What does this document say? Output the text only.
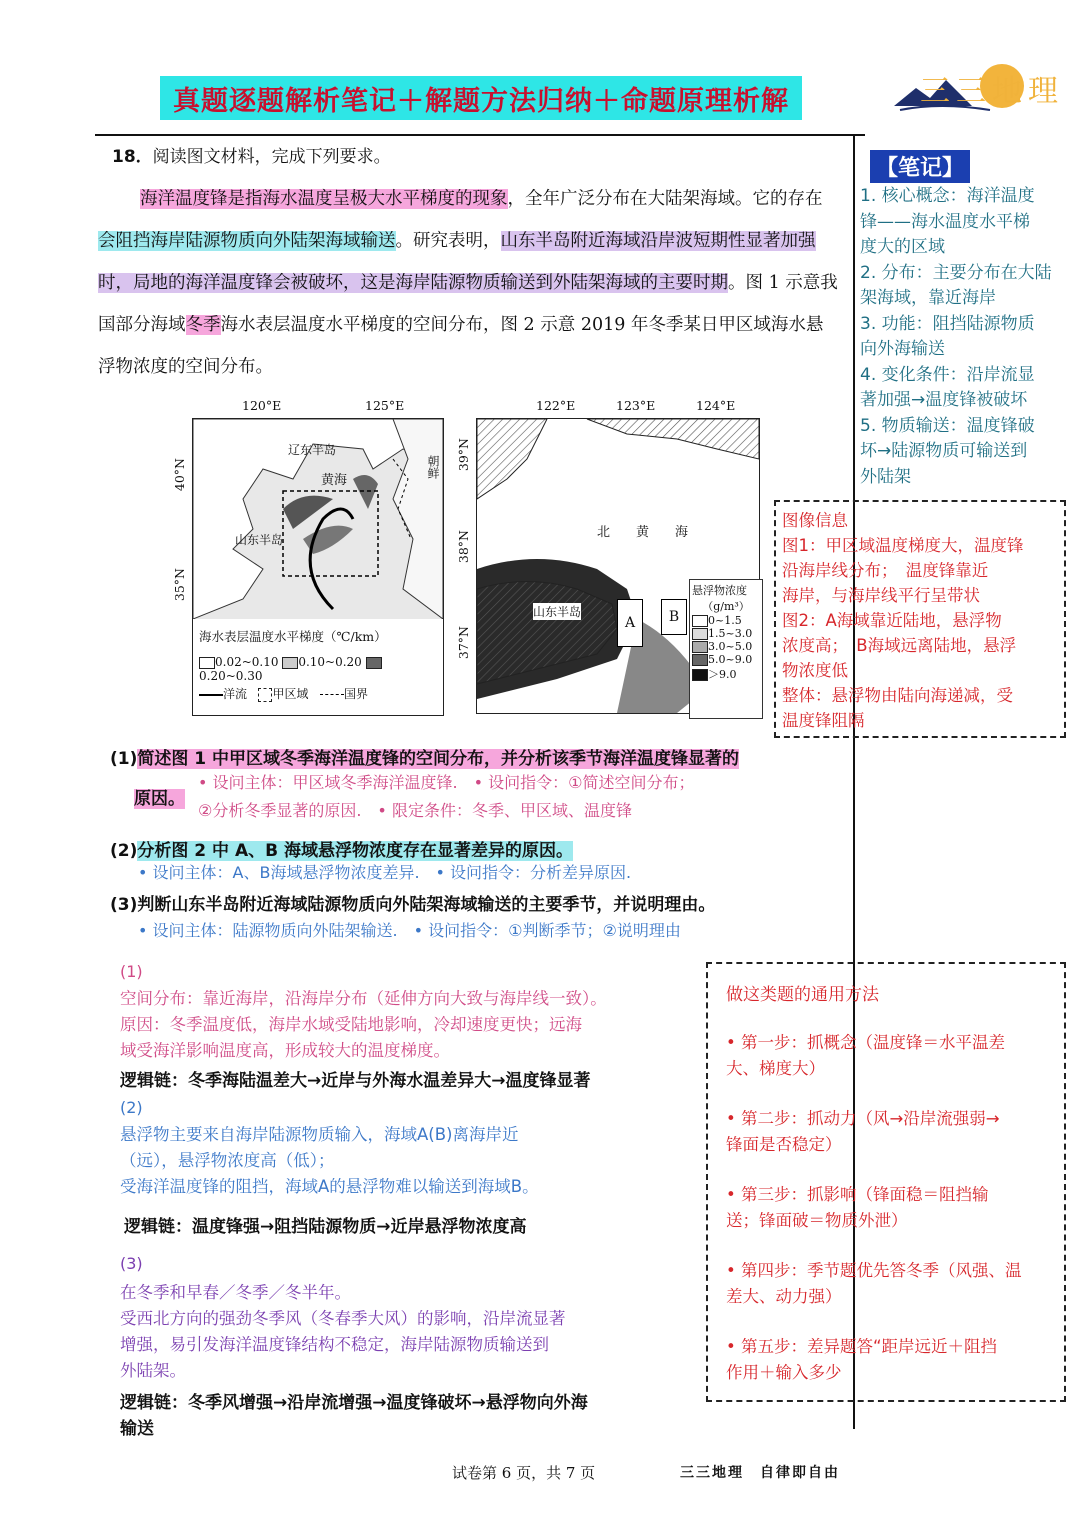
真题逐题解析笔记＋解题方法归纳＋命题原理析解	三三地理
18．阅读图文材料，完成下列要求。
海洋温度锋是指海水温度呈极大水平梯度的现象，全年广泛分布在大陆架海域。它的存在会阻挡海岸陆源物质向外陆架海域输送。研究表明，山东半岛附近海域沿岸波短期性显著加强时，局地的海洋温度锋会被破坏，这是海岸陆源物质输送到外陆架海域的主要时期。图 1 示意我国部分海域冬季海水表层温度水平梯度的空间分布，图 2 示意 2019 年冬季某日甲区域海水悬浮物浓度的空间分布。
120°E	125°E
辽东半岛
黄海
山东半岛
朝鲜
海水表层温度水平梯度（℃/km）
0.02~0.10 0.10~0.20 0.20~0.30
洋流 甲区域	国界
40°N
35°N
122°E	123°E	124°E
北　　黄　　海
山东半岛
A	B
悬浮物浓度
（g/m³）
0~1.5
1.5~3.0
3.0~5.0
5.0~9.0
＞9.0
39°N
38°N
37°N
(1)简述图 1 中甲区域冬季海洋温度锋的空间分布，并分析该季节海洋温度锋显著的
原因。
• 设问主体：甲区域冬季海洋温度锋.　• 设问指令：①简述空间分布；
②分析冬季显著的原因.　• 限定条件：冬季、甲区域、温度锋
(2)分析图 2 中 A、B 海域悬浮物浓度存在显著差异的原因。
• 设问主体：A、B海域悬浮物浓度差异.　• 设问指令：分析差异原因.
(3)判断山东半岛附近海域陆源物质向外陆架海域输送的主要季节，并说明理由。
• 设问主体：陆源物质向外陆架输送.　• 设问指令：①判断季节；②说明理由
(1)
空间分布：靠近海岸，沿海岸分布（延伸方向大致与海岸线一致）。
原因：冬季温度低，海岸水域受陆地影响，冷却速度更快；远海
域受海洋影响温度高，形成较大的温度梯度。
逻辑链：冬季海陆温差大→近岸与外海水温差异大→温度锋显著
(2)
悬浮物主要来自海岸陆源物质输入，海域A(B)离海岸近
（远），悬浮物浓度高（低）；
受海洋温度锋的阻挡，海域A的悬浮物难以输送到海域B。
逻辑链：温度锋强→阻挡陆源物质→近岸悬浮物浓度高
(3)
在冬季和早春／冬季／冬半年。
受西北方向的强劲冬季风（冬春季大风）的影响，沿岸流显著
增强，易引发海洋温度锋结构不稳定，海岸陆源物质输送到
外陆架。
逻辑链：冬季风增强→沿岸流增强→温度锋破坏→悬浮物向外海
输送
【笔记】
1. 核心概念：海洋温度
锋——海水温度水平梯
度大的区域
2. 分布：主要分布在大陆
架海域，靠近海岸
3. 功能：阻挡陆源物质
向外海输送
4. 变化条件：沿岸流显
著加强→温度锋被破坏
5. 物质输送：温度锋破
坏→陆源物质可输送到
外陆架
图像信息
图1：甲区域温度梯度大，温度锋
沿海岸线分布；　温度锋靠近
海岸，与海岸线平行呈带状
图2：A海域靠近陆地，悬浮物
浓度高；　B海域远离陆地，悬浮
物浓度低
整体：悬浮物由陆向海递减，受
温度锋阻隔
做这类题的通用方法
• 第一步：抓概念（温度锋＝水平温差
大、梯度大）
• 第二步：抓动力（风→沿岸流强弱→
锋面是否稳定）
• 第三步：抓影响（锋面稳＝阻挡输
送；锋面破＝物质外泄）
• 第四步：季节题优先答冬季（风强、温
差大、动力强）
• 第五步：差异题答“距岸远近＋阻挡
作用＋输入多少
试卷第 6 页，共 7 页	三三地理　自律即自由
